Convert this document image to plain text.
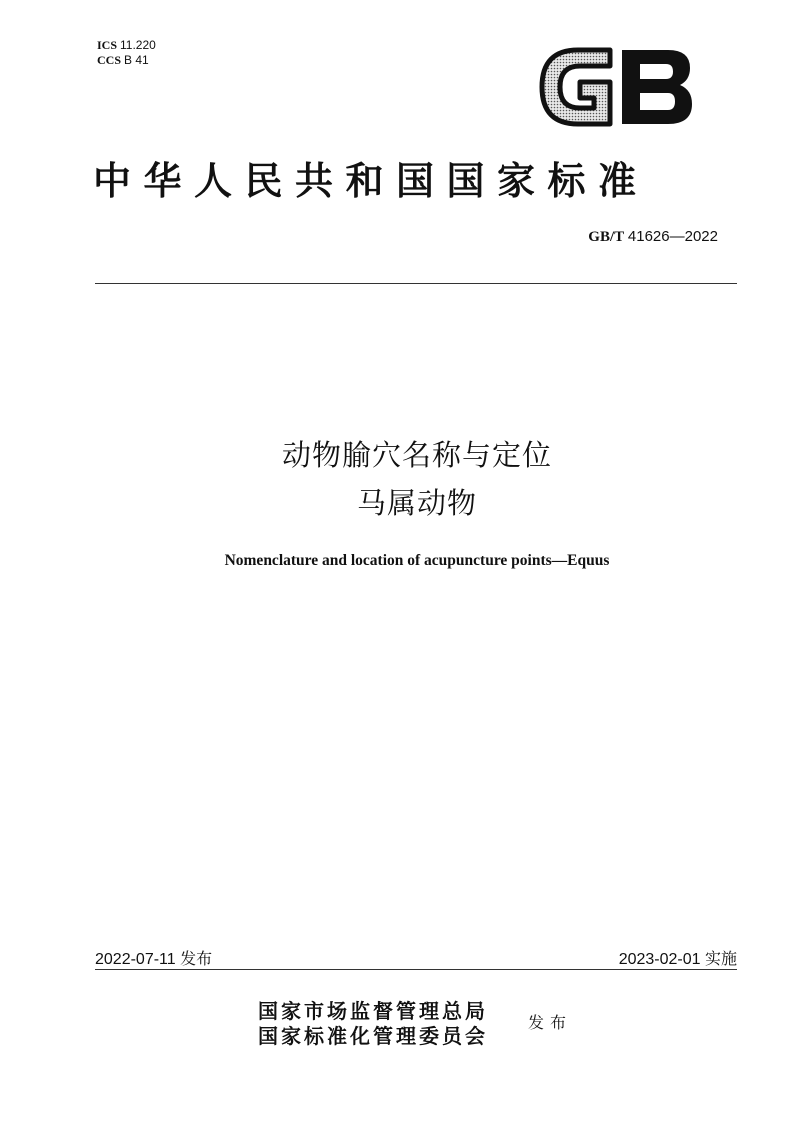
ICS 11.220
CCS B 41
中华人民共和国国家标准
GB/T 41626—2022
动物腧穴名称与定位
马属动物
Nomenclature and location of acupuncture points—Equus
2022-07-11 发布	2023-02-01 实施
国家市场监督管理总局
国家标准化管理委员会
发布
